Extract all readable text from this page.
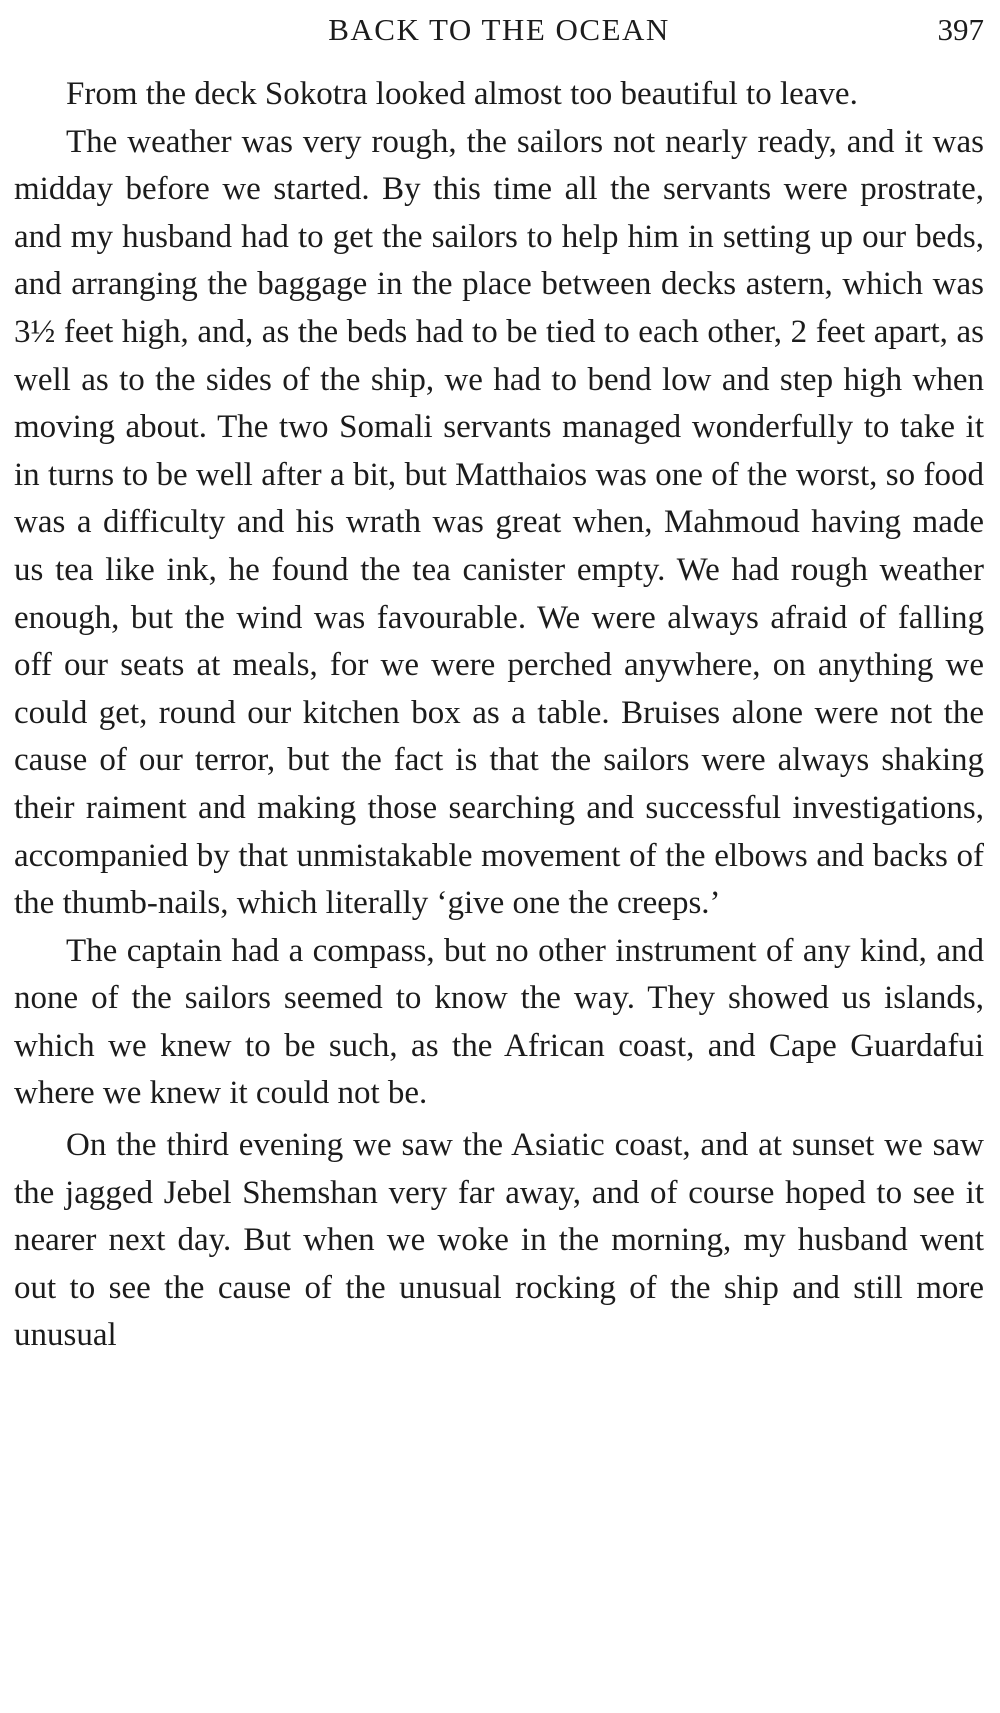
BACK TO THE OCEAN	397

From the deck Sokotra looked almost too beautiful to leave.

The weather was very rough, the sailors not nearly ready, and it was midday before we started. By this time all the servants were prostrate, and my husband had to get the sailors to help him in setting up our beds, and arranging the baggage in the place between decks astern, which was 3½ feet high, and, as the beds had to be tied to each other, 2 feet apart, as well as to the sides of the ship, we had to bend low and step high when moving about. The two Somali servants managed wonderfully to take it in turns to be well after a bit, but Matthaios was one of the worst, so food was a difficulty and his wrath was great when, Mahmoud having made us tea like ink, he found the tea canister empty. We had rough weather enough, but the wind was favourable. We were always afraid of falling off our seats at meals, for we were perched anywhere, on anything we could get, round our kitchen box as a table. Bruises alone were not the cause of our terror, but the fact is that the sailors were always shaking their raiment and making those searching and successful investigations, accompanied by that unmistakable movement of the elbows and backs of the thumb-nails, which literally ‘give one the creeps.’

The captain had a compass, but no other instrument of any kind, and none of the sailors seemed to know the way. They showed us islands, which we knew to be such, as the African coast, and Cape Guardafui where we knew it could not be.

On the third evening we saw the Asiatic coast, and at sunset we saw the jagged Jebel Shemshan very far away, and of course hoped to see it nearer next day. But when we woke in the morning, my husband went out to see the cause of the unusual rocking of the ship and still more unusual
